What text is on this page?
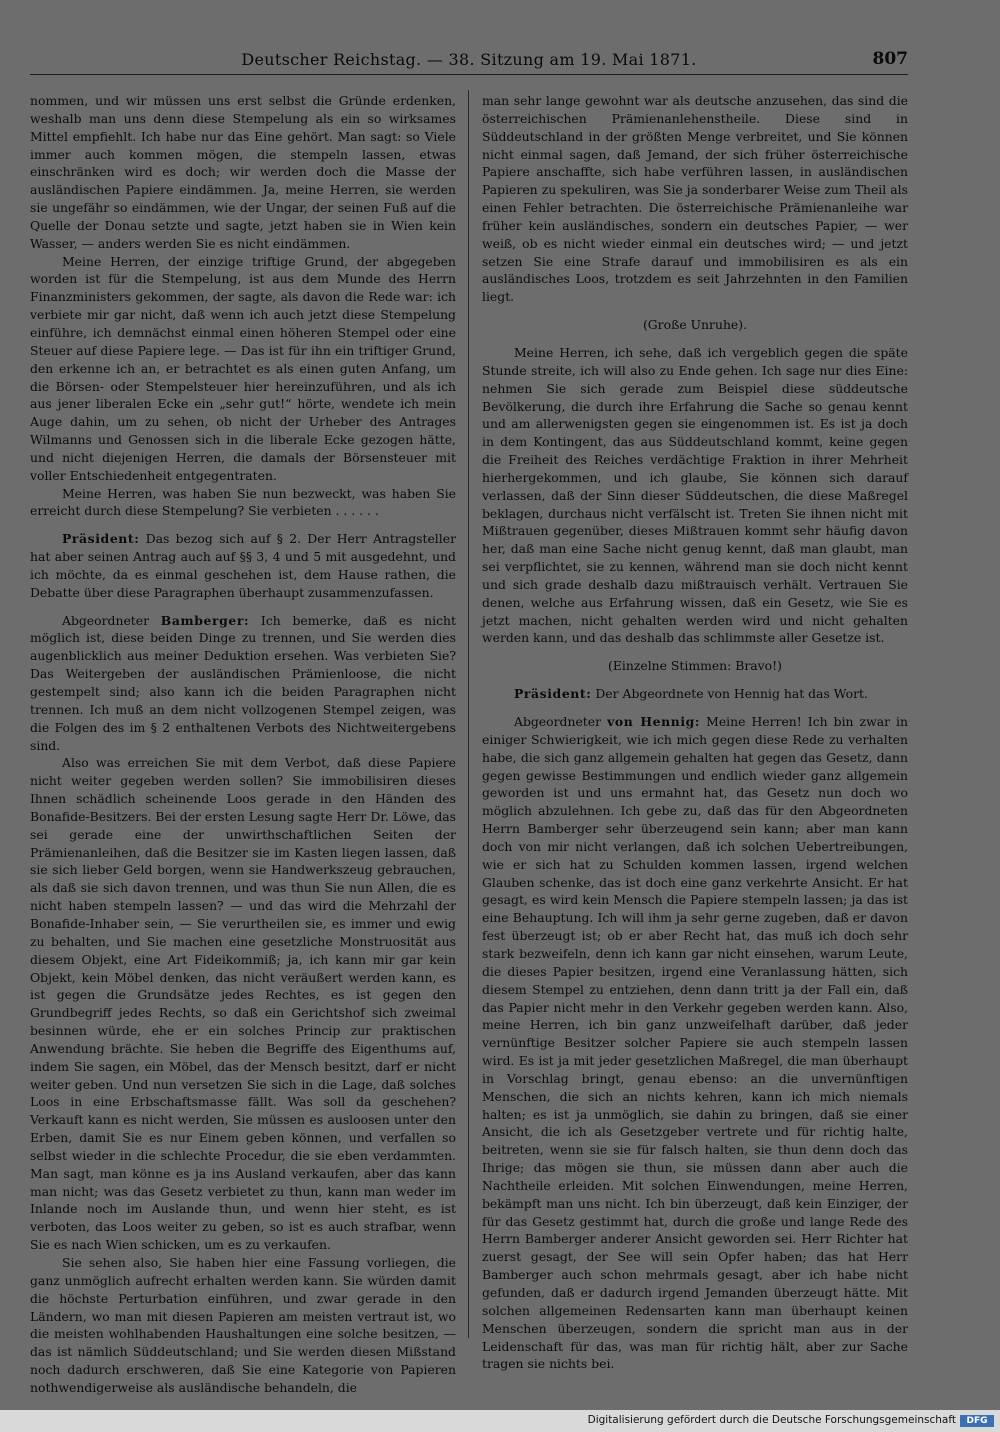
Deutscher Reichstag. — 38. Sitzung am 19. Mai 1871.	807

nommen, und wir müssen uns erst selbst die Gründe erdenken, weshalb man uns denn diese Stempelung als ein so wirksames Mittel empfiehlt. Ich habe nur das Eine gehört. Man sagt: so Viele immer auch kommen mögen, die stempeln lassen, etwas einschränken wird es doch; wir werden doch die Masse der ausländischen Papiere eindämmen. Ja, meine Herren, sie werden sie ungefähr so eindämmen, wie der Ungar, der seinen Fuß auf die Quelle der Donau setzte und sagte, jetzt haben sie in Wien kein Wasser, — anders werden Sie es nicht eindämmen.

Meine Herren, der einzige triftige Grund, der abgegeben worden ist für die Stempelung, ist aus dem Munde des Herrn Finanzministers gekommen, der sagte, als davon die Rede war: ich verbiete mir gar nicht, daß wenn ich auch jetzt diese Stempelung einführe, ich demnächst einmal einen höheren Stempel oder eine Steuer auf diese Papiere lege. — Das ist für ihn ein triftiger Grund, den erkenne ich an, er betrachtet es als einen guten Anfang, um die Börsen- oder Stempelsteuer hier hereinzuführen, und als ich aus jener liberalen Ecke ein „sehr gut!“ hörte, wendete ich mein Auge dahin, um zu sehen, ob nicht der Urheber des Antrages Wilmanns und Genossen sich in die liberale Ecke gezogen hätte, und nicht diejenigen Herren, die damals der Börsensteuer mit voller Entschiedenheit entgegentraten.

Meine Herren, was haben Sie nun bezweckt, was haben Sie erreicht durch diese Stempelung? Sie verbieten . . . . . .

Präsident: Das bezog sich auf § 2. Der Herr Antragsteller hat aber seinen Antrag auch auf §§ 3, 4 und 5 mit ausgedehnt, und ich möchte, da es einmal geschehen ist, dem Hause rathen, die Debatte über diese Paragraphen überhaupt zusammenzufassen.

Abgeordneter Bamberger: Ich bemerke, daß es nicht möglich ist, diese beiden Dinge zu trennen, und Sie werden dies augenblicklich aus meiner Deduktion ersehen. Was verbieten Sie? Das Weitergeben der ausländischen Prämienloose, die nicht gestempelt sind; also kann ich die beiden Paragraphen nicht trennen. Ich muß an dem nicht vollzogenen Stempel zeigen, was die Folgen des im § 2 enthaltenen Verbots des Nichtweitergebens sind.

Also was erreichen Sie mit dem Verbot, daß diese Papiere nicht weiter gegeben werden sollen? Sie immobilisiren dieses Ihnen schädlich scheinende Loos gerade in den Händen des Bonafide-Besitzers. Bei der ersten Lesung sagte Herr Dr. Löwe, das sei gerade eine der unwirthschaftlichen Seiten der Prämienanleihen, daß die Besitzer sie im Kasten liegen lassen, daß sie sich lieber Geld borgen, wenn sie Handwerkszeug gebrauchen, als daß sie sich davon trennen, und was thun Sie nun Allen, die es nicht haben stempeln lassen? — und das wird die Mehrzahl der Bonafide-Inhaber sein, — Sie verurtheilen sie, es immer und ewig zu behalten, und Sie machen eine gesetzliche Monstruosität aus diesem Objekt, eine Art Fideikommiß; ja, ich kann mir gar kein Objekt, kein Möbel denken, das nicht veräußert werden kann, es ist gegen die Grundsätze jedes Rechtes, es ist gegen den Grundbegriff jedes Rechts, so daß ein Gerichtshof sich zweimal besinnen würde, ehe er ein solches Princip zur praktischen Anwendung brächte. Sie heben die Begriffe des Eigenthums auf, indem Sie sagen, ein Möbel, das der Mensch besitzt, darf er nicht weiter geben. Und nun versetzen Sie sich in die Lage, daß solches Loos in eine Erbschaftsmasse fällt. Was soll da geschehen? Verkauft kann es nicht werden, Sie müssen es ausloosen unter den Erben, damit Sie es nur Einem geben können, und verfallen so selbst wieder in die schlechte Procedur, die sie eben verdammten. Man sagt, man könne es ja ins Ausland verkaufen, aber das kann man nicht; was das Gesetz verbietet zu thun, kann man weder im Inlande noch im Auslande thun, und wenn hier steht, es ist verboten, das Loos weiter zu geben, so ist es auch strafbar, wenn Sie es nach Wien schicken, um es zu verkaufen.

Sie sehen also, Sie haben hier eine Fassung vorliegen, die ganz unmöglich aufrecht erhalten werden kann. Sie würden damit die höchste Perturbation einführen, und zwar gerade in den Ländern, wo man mit diesen Papieren am meisten vertraut ist, wo die meisten wohlhabenden Haushaltungen eine solche besitzen, — das ist nämlich Süddeutschland; und Sie werden diesen Mißstand noch dadurch erschweren, daß Sie eine Kategorie von Papieren nothwendigerweise als ausländische behandeln, die

man sehr lange gewohnt war als deutsche anzusehen, das sind die österreichischen Prämienanlehenstheile. Diese sind in Süddeutschland in der größten Menge verbreitet, und Sie können nicht einmal sagen, daß Jemand, der sich früher österreichische Papiere anschaffte, sich habe verführen lassen, in ausländischen Papieren zu spekuliren, was Sie ja sonderbarer Weise zum Theil als einen Fehler betrachten. Die österreichische Prämienanleihe war früher kein ausländisches, sondern ein deutsches Papier, — wer weiß, ob es nicht wieder einmal ein deutsches wird; — und jetzt setzen Sie eine Strafe darauf und immobilisiren es als ein ausländisches Loos, trotzdem es seit Jahrzehnten in den Familien liegt.

(Große Unruhe).

Meine Herren, ich sehe, daß ich vergeblich gegen die späte Stunde streite, ich will also zu Ende gehen. Ich sage nur dies Eine: nehmen Sie sich gerade zum Beispiel diese süddeutsche Bevölkerung, die durch ihre Erfahrung die Sache so genau kennt und am allerwenigsten gegen sie eingenommen ist. Es ist ja doch in dem Kontingent, das aus Süddeutschland kommt, keine gegen die Freiheit des Reiches verdächtige Fraktion in ihrer Mehrheit hierhergekommen, und ich glaube, Sie können sich darauf verlassen, daß der Sinn dieser Süddeutschen, die diese Maßregel beklagen, durchaus nicht verfälscht ist. Treten Sie ihnen nicht mit Mißtrauen gegenüber, dieses Mißtrauen kommt sehr häufig davon her, daß man eine Sache nicht genug kennt, daß man glaubt, man sei verpflichtet, sie zu kennen, während man sie doch nicht kennt und sich grade deshalb dazu mißtrauisch verhält. Vertrauen Sie denen, welche aus Erfahrung wissen, daß ein Gesetz, wie Sie es jetzt machen, nicht gehalten werden wird und nicht gehalten werden kann, und das deshalb das schlimmste aller Gesetze ist.

(Einzelne Stimmen: Bravo!)

Präsident: Der Abgeordnete von Hennig hat das Wort.

Abgeordneter von Hennig: Meine Herren! Ich bin zwar in einiger Schwierigkeit, wie ich mich gegen diese Rede zu verhalten habe, die sich ganz allgemein gehalten hat gegen das Gesetz, dann gegen gewisse Bestimmungen und endlich wieder ganz allgemein geworden ist und uns ermahnt hat, das Gesetz nun doch wo möglich abzulehnen. Ich gebe zu, daß das für den Abgeordneten Herrn Bamberger sehr überzeugend sein kann; aber man kann doch von mir nicht verlangen, daß ich solchen Uebertreibungen, wie er sich hat zu Schulden kommen lassen, irgend welchen Glauben schenke, das ist doch eine ganz verkehrte Ansicht. Er hat gesagt, es wird kein Mensch die Papiere stempeln lassen; ja das ist eine Behauptung. Ich will ihm ja sehr gerne zugeben, daß er davon fest überzeugt ist; ob er aber Recht hat, das muß ich doch sehr stark bezweifeln, denn ich kann gar nicht einsehen, warum Leute, die dieses Papier besitzen, irgend eine Veranlassung hätten, sich diesem Stempel zu entziehen, denn dann tritt ja der Fall ein, daß das Papier nicht mehr in den Verkehr gegeben werden kann. Also, meine Herren, ich bin ganz unzweifelhaft darüber, daß jeder vernünftige Besitzer solcher Papiere sie auch stempeln lassen wird. Es ist ja mit jeder gesetzlichen Maßregel, die man überhaupt in Vorschlag bringt, genau ebenso: an die unvernünftigen Menschen, die sich an nichts kehren, kann ich mich niemals halten; es ist ja unmöglich, sie dahin zu bringen, daß sie einer Ansicht, die ich als Gesetzgeber vertrete und für richtig halte, beitreten, wenn sie sie für falsch halten, sie thun denn doch das Ihrige; das mögen sie thun, sie müssen dann aber auch die Nachtheile erleiden. Mit solchen Einwendungen, meine Herren, bekämpft man uns nicht. Ich bin überzeugt, daß kein Einziger, der für das Gesetz gestimmt hat, durch die große und lange Rede des Herrn Bamberger anderer Ansicht geworden sei. Herr Richter hat zuerst gesagt, der See will sein Opfer haben; das hat Herr Bamberger auch schon mehrmals gesagt, aber ich habe nicht gefunden, daß er dadurch irgend Jemanden überzeugt hätte. Mit solchen allgemeinen Redensarten kann man überhaupt keinen Menschen überzeugen, sondern die spricht man aus in der Leidenschaft für das, was man für richtig hält, aber zur Sache tragen sie nichts bei.

Digitalisierung gefördert durch die Deutsche Forschungsgemeinschaft	DFG
